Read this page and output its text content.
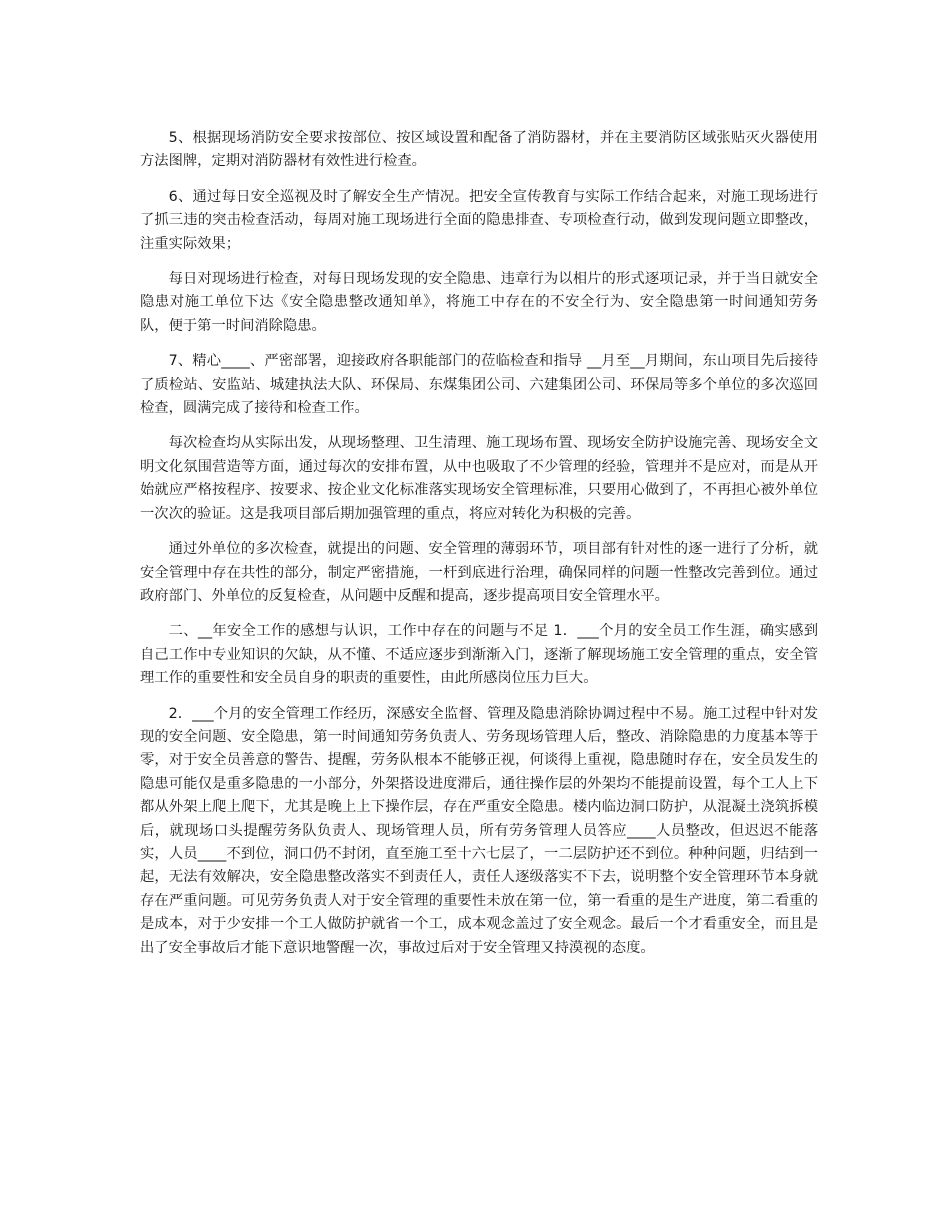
5、根据现场消防安全要求按部位、按区域设置和配备了消防器材，并在主要消防区域张贴灭火器使用方法图牌，定期对消防器材有效性进行检查。

6、通过每日安全巡视及时了解安全生产情况。把安全宣传教育与实际工作结合起来，对施工现场进行了抓三违的突击检查活动，每周对施工现场进行全面的隐患排查、专项检查行动，做到发现问题立即整改，注重实际效果；

每日对现场进行检查，对每日现场发现的安全隐患、违章行为以相片的形式逐项记录，并于当日就安全隐患对施工单位下达《安全隐患整改通知单》，将施工中存在的不安全行为、安全隐患第一时间通知劳务队，便于第一时间消除隐患。

7、精心____、严密部署，迎接政府各职能部门的莅临检查和指导 __月至__月期间，东山项目先后接待了质检站、安监站、城建执法大队、环保局、东煤集团公司、六建集团公司、环保局等多个单位的多次巡回检查，圆满完成了接待和检查工作。

每次检查均从实际出发，从现场整理、卫生清理、施工现场布置、现场安全防护设施完善、现场安全文明文化氛围营造等方面，通过每次的安排布置，从中也吸取了不少管理的经验，管理并不是应对，而是从开始就应严格按程序、按要求、按企业文化标准落实现场安全管理标准，只要用心做到了，不再担心被外单位一次次的验证。这是我项目部后期加强管理的重点，将应对转化为积极的完善。

通过外单位的多次检查，就提出的问题、安全管理的薄弱环节，项目部有针对性的逐一进行了分析，就安全管理中存在共性的部分，制定严密措施，一杆到底进行治理，确保同样的问题一性整改完善到位。通过政府部门、外单位的反复检查，从问题中反醒和提高，逐步提高项目安全管理水平。

二、__年安全工作的感想与认识，工作中存在的问题与不足 1．___个月的安全员工作生涯，确实感到自己工作中专业知识的欠缺，从不懂、不适应逐步到渐渐入门，逐渐了解现场施工安全管理的重点，安全管理工作的重要性和安全员自身的职责的重要性，由此所感岗位压力巨大。

2．___个月的安全管理工作经历，深感安全监督、管理及隐患消除协调过程中不易。施工过程中针对发现的安全问题、安全隐患，第一时间通知劳务负责人、劳务现场管理人后，整改、消除隐患的力度基本等于零，对于安全员善意的警告、提醒，劳务队根本不能够正视，何谈得上重视，隐患随时存在，安全员发生的隐患可能仅是重多隐患的一小部分，外架搭设进度滞后，通往操作层的外架均不能提前设置，每个工人上下都从外架上爬上爬下，尤其是晚上上下操作层，存在严重安全隐患。楼内临边洞口防护，从混凝土浇筑拆模后，就现场口头提醒劳务队负责人、现场管理人员，所有劳务管理人员答应____人员整改，但迟迟不能落实，人员____不到位，洞口仍不封闭，直至施工至十六七层了，一二层防护还不到位。种种问题，归结到一起，无法有效解决，安全隐患整改落实不到责任人，责任人逐级落实不下去，说明整个安全管理环节本身就存在严重问题。可见劳务负责人对于安全管理的重要性未放在第一位，第一看重的是生产进度，第二看重的是成本，对于少安排一个工人做防护就省一个工，成本观念盖过了安全观念。最后一个才看重安全，而且是出了安全事故后才能下意识地警醒一次，事故过后对于安全管理又持漠视的态度。
